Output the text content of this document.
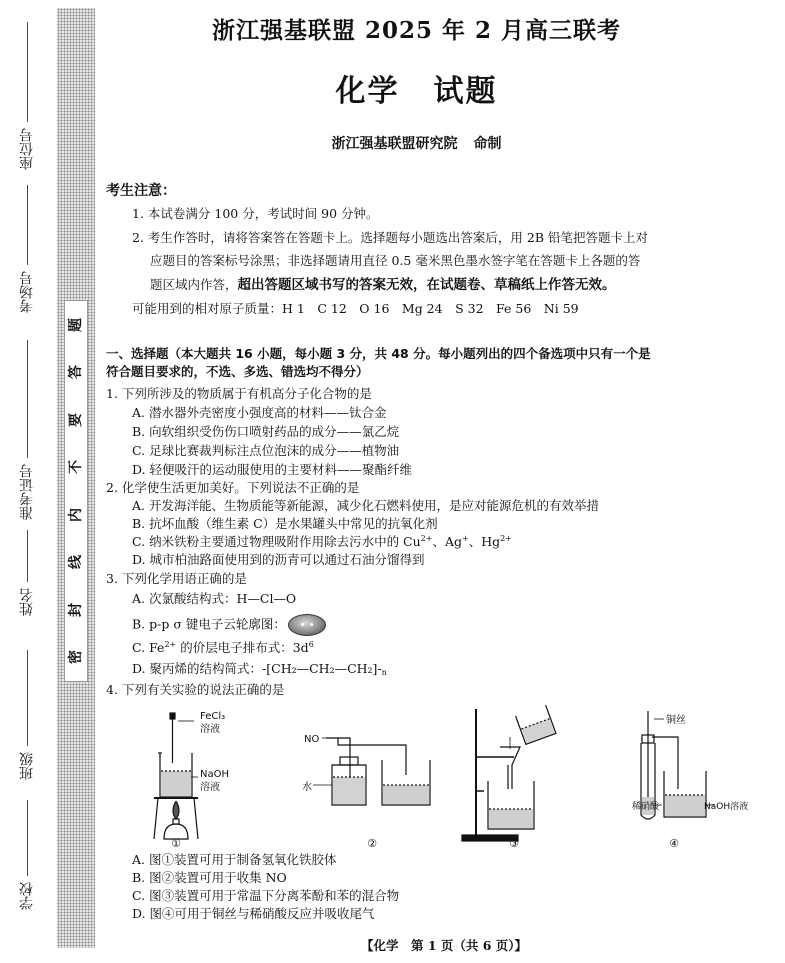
座位号
考场号
准考证号
姓名
班级
学校
题
答
要
不
内
线
封
密
浙江强基联盟 2025 年 2 月高三联考
化学 试题
浙江强基联盟研究院 命制
考生注意：
1. 本试卷满分 100 分，考试时间 90 分钟。
2. 考生作答时，请将答案答在答题卡上。选择题每小题选出答案后，用 2B 铅笔把答题卡上对
应题目的答案标号涂黑；非选择题请用直径 0.5 毫米黑色墨水签字笔在答题卡上各题的答
题区域内作答，超出答题区域书写的答案无效，在试题卷、草稿纸上作答无效。
可能用到的相对原子质量：H 1　C 12　O 16　Mg 24　S 32　Fe 56　Ni 59
一、选择题（本大题共 16 小题，每小题 3 分，共 48 分。每小题列出的四个备选项中只有一个是
符合题目要求的，不选、多选、错选均不得分）
1. 下列所涉及的物质属于有机高分子化合物的是
A. 潜水器外壳密度小强度高的材料——钛合金
B. 向软组织受伤伤口喷射药品的成分——氯乙烷
C. 足球比赛裁判标注点位泡沫的成分——植物油
D. 轻便吸汗的运动服使用的主要材料——聚酯纤维
2. 化学使生活更加美好。下列说法不正确的是
A. 开发海洋能、生物质能等新能源，减少化石燃料使用，是应对能源危机的有效举措
B. 抗坏血酸（维生素 C）是水果罐头中常见的抗氧化剂
C. 纳米铁粉主要通过物理吸附作用除去污水中的 $Cu^{2+}$、Ag+、$Hg^{2+}$
D. 城市柏油路面使用到的沥青可以通过石油分馏得到
3. 下列化学用语正确的是
A. 次氯酸结构式：H—Cl—O
B. p-p σ 键电子云轮廓图：
C. $Fe^{2+}$ 的价层电子排布式：$3d^6$
D. 聚丙烯的结构简式：$-[CH_2—CH_2—CH_2]-_n$
4. 下列有关实验的说法正确的是
FeCl₃
溶液
NaOH
溶液
①
NO
水
②	③
铜丝
稀硝酸	NaOH溶液
④
A. 图①装置可用于制备氢氧化铁胶体
B. 图②装置可用于收集 NO
C. 图③装置可用于常温下分离苯酚和苯的混合物
D. 图④可用于铜丝与稀硝酸反应并吸收尾气
【化学　第 1 页（共 6 页）】
